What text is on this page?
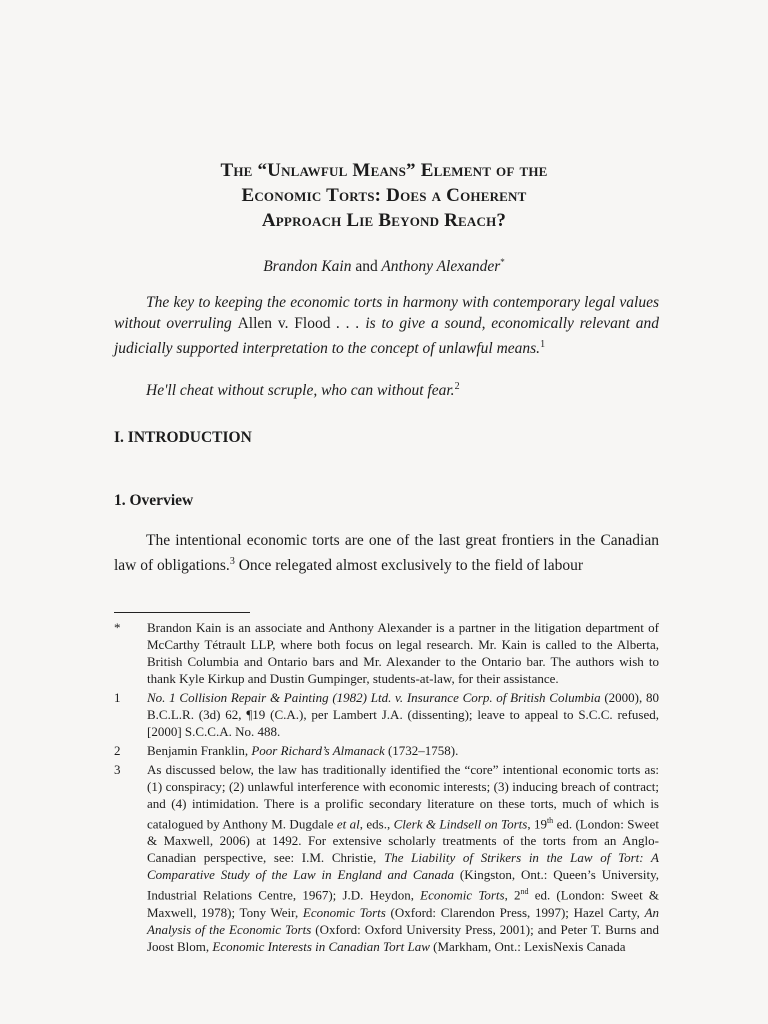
The “Unlawful Means” Element of the
Economic Torts: Does a Coherent
Approach Lie Beyond Reach?
Brandon Kain and Anthony Alexander*
The key to keeping the economic torts in harmony with contemporary legal values without overruling Allen v. Flood . . . is to give a sound, economically relevant and judicially supported interpretation to the concept of unlawful means.$^1$
He'll cheat without scruple, who can without fear.$^2$
I. INTRODUCTION
1. Overview
The intentional economic torts are one of the last great frontiers in the Canadian law of obligations.$^3$ Once relegated almost exclusively to the field of labour
* Brandon Kain is an associate and Anthony Alexander is a partner in the litigation department of McCarthy Tétrault LLP, where both focus on legal research. Mr. Kain is called to the Alberta, British Columbia and Ontario bars and Mr. Alexander to the Ontario bar. The authors wish to thank Kyle Kirkup and Dustin Gumpinger, students-at-law, for their assistance.
1 No. 1 Collision Repair & Painting (1982) Ltd. v. Insurance Corp. of British Columbia (2000), 80 B.C.L.R. (3d) 62, ¶19 (C.A.), per Lambert J.A. (dissenting); leave to appeal to S.C.C. refused, [2000] S.C.C.A. No. 488.
2 Benjamin Franklin, Poor Richard’s Almanack (1732–1758).
3 As discussed below, the law has traditionally identified the “core” intentional economic torts as: (1) conspiracy; (2) unlawful interference with economic interests; (3) inducing breach of contract; and (4) intimidation. There is a prolific secondary literature on these torts, much of which is catalogued by Anthony M. Dugdale et al, eds., Clerk & Lindsell on Torts, 19th ed. (London: Sweet & Maxwell, 2006) at 1492. For extensive scholarly treatments of the torts from an Anglo-Canadian perspective, see: I.M. Christie, The Liability of Strikers in the Law of Tort: A Comparative Study of the Law in England and Canada (Kingston, Ont.: Queen’s University, Industrial Relations Centre, 1967); J.D. Heydon, Economic Torts, 2nd ed. (London: Sweet & Maxwell, 1978); Tony Weir, Economic Torts (Oxford: Clarendon Press, 1997); Hazel Carty, An Analysis of the Economic Torts (Oxford: Oxford University Press, 2001); and Peter T. Burns and Joost Blom, Economic Interests in Canadian Tort Law (Markham, Ont.: LexisNexis Canada
